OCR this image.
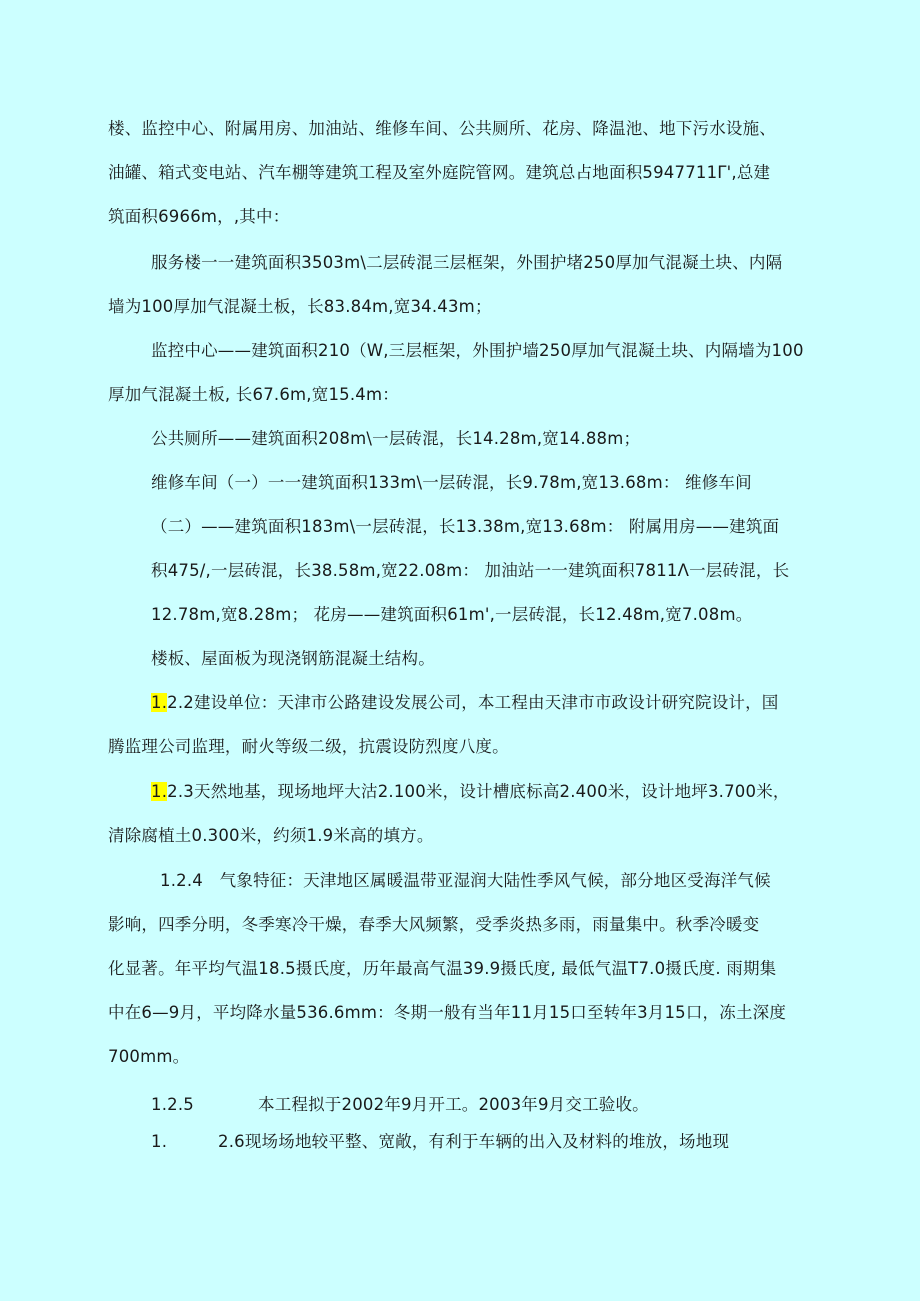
楼、监控中心、附属用房、加油站、维修车间、公共厕所、花房、降温池、地下污水设施、
油罐、箱式变电站、汽车棚等建筑工程及室外庭院管网。建筑总占地面积5947711Γ',总建
筑面积6966m，,其中：
服务楼一一建筑面积3503m\二层砖混三层框架，外围护堵250厚加气混凝土块、内隔
墙为100厚加气混凝土板，长83.84m,宽34.43m；
监控中心——建筑面积210（W,三层框架，外围护墙250厚加气混凝土块、内隔墙为100
厚加气混凝土板, 长67.6m,宽15.4m：
公共厕所——建筑面积208m\一层砖混，长14.28m,宽14.88m；
维修车间（一）一一建筑面积133m\一层砖混，长9.78m,宽13.68m： 维修车间
（二）——建筑面积183m\一层砖混，长13.38m,宽13.68m： 附属用房——建筑面
积475/,一层砖混，长38.58m,宽22.08m： 加油站一一建筑面积7811Λ一层砖混，长
12.78m,宽8.28m； 花房——建筑面积61m',一层砖混，长12.48m,宽7.08m。
楼板、屋面板为现浇钢筋混凝土结构。
1.2.2建设单位：天津市公路建设发展公司，本工程由天津市市政设计研究院设计，国
腾监理公司监理，耐火等级二级，抗震设防烈度八度。
1.2.3天然地基，现场地坪大沽2.100米，设计槽底标高2.400米，设计地坪3.700米，
清除腐植土0.300米，约须1.9米高的填方。
1.2.4　气象特征：天津地区属暖温带亚湿润大陆性季风气候，部分地区受海洋气候
影响，四季分明，冬季寒冷干燥，春季大风频繁，受季炎热多雨，雨量集中。秋季冷暖变
化显著。年平均气温18.5摄氏度，历年最高气温39.9摄氏度, 最低气温T7.0摄氏度. 雨期集
中在6—9月，平均降水量536.6mm：冬期一般有当年11月15口至转年3月15口，冻土深度
700mm。
1.2.5	本工程拟于2002年9月开工。2003年9月交工验收。
1.	2.6现场场地较平整、宽敞，有利于车辆的出入及材料的堆放，场地现
